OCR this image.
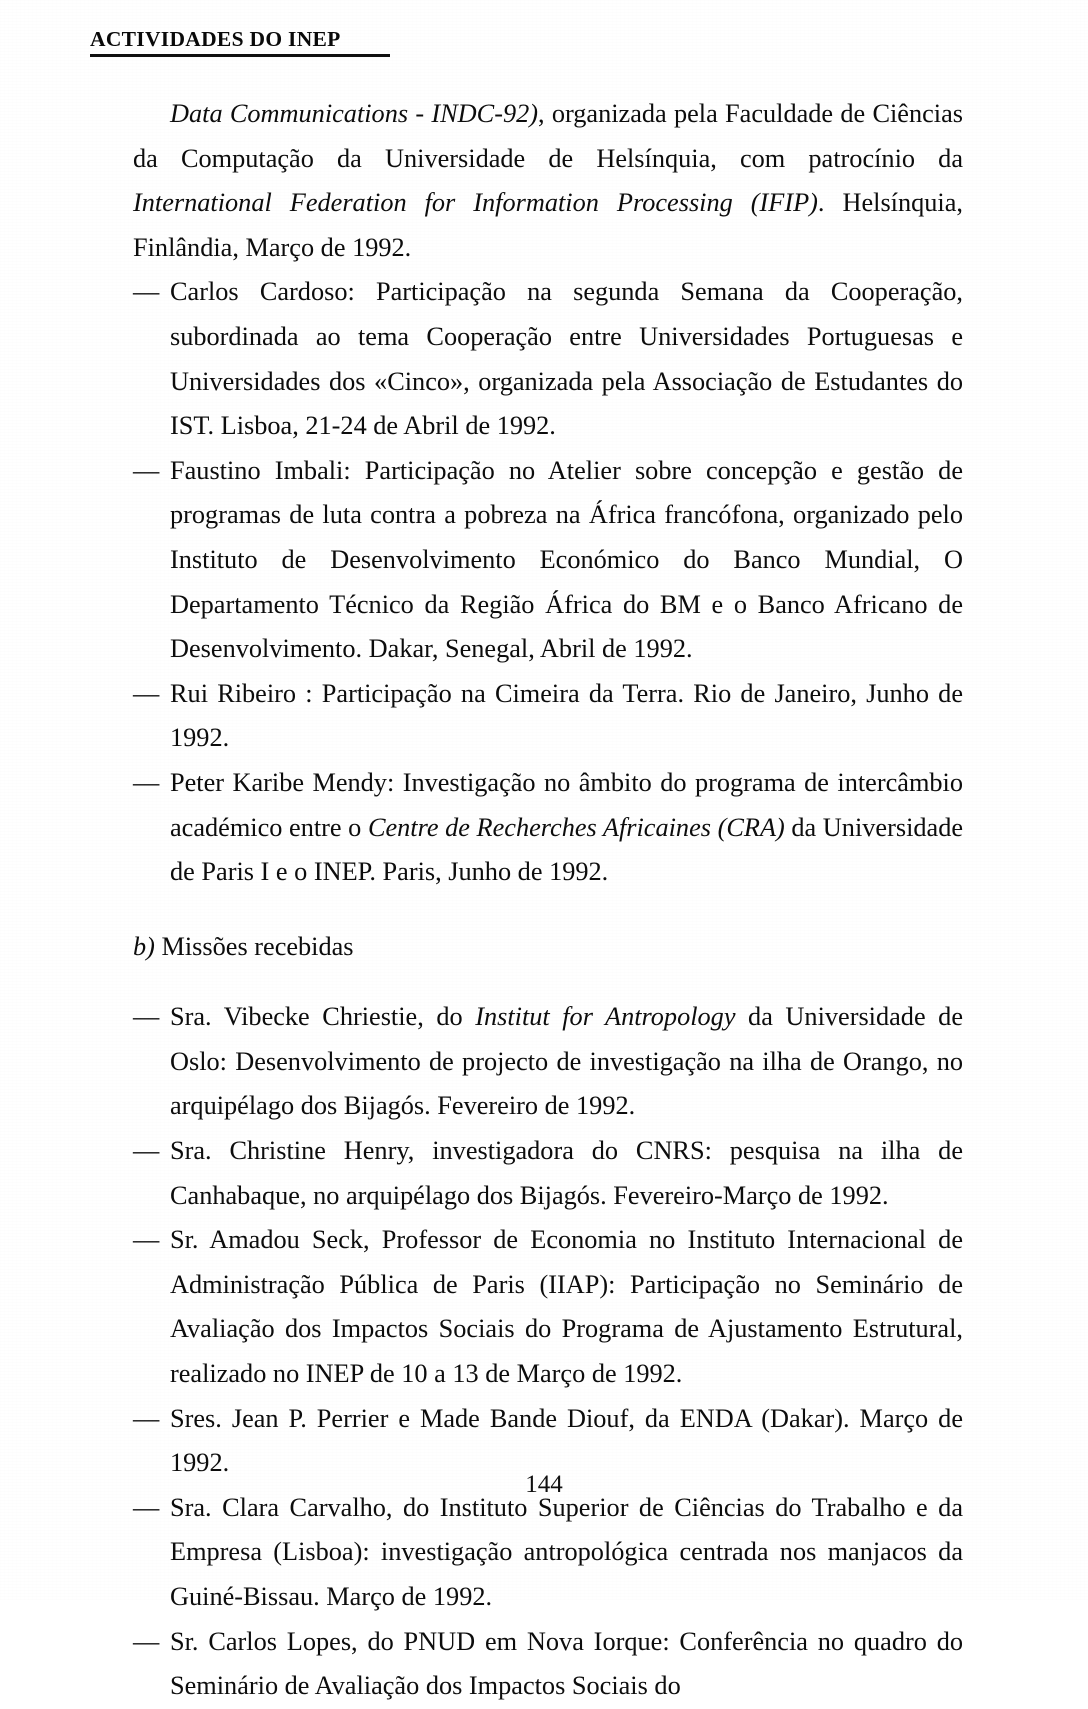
ACTIVIDADES DO INEP

Data Communications - INDC-92), organizada pela Faculdade de Ciências da Computação da Universidade de Helsínquia, com patrocínio da International Federation for Information Processing (IFIP). Helsínquia, Finlândia, Março de 1992.

— Carlos Cardoso: Participação na segunda Semana da Cooperação, subordinada ao tema Cooperação entre Universidades Portuguesas e Universidades dos «Cinco», organizada pela Associação de Estudantes do IST. Lisboa, 21-24 de Abril de 1992.

— Faustino Imbali: Participação no Atelier sobre concepção e gestão de programas de luta contra a pobreza na África francófona, organizado pelo Instituto de Desenvolvimento Económico do Banco Mundial, O Departamento Técnico da Região África do BM e o Banco Africano de Desenvolvimento. Dakar, Senegal, Abril de 1992.

— Rui Ribeiro : Participação na Cimeira da Terra. Rio de Janeiro, Junho de 1992.

— Peter Karibe Mendy: Investigação no âmbito do programa de intercâmbio académico entre o Centre de Recherches Africaines (CRA) da Universidade de Paris I e o INEP. Paris, Junho de 1992.

b) Missões recebidas

— Sra. Vibecke Chriestie, do Institut for Antropology da Universidade de Oslo: Desenvolvimento de projecto de investigação na ilha de Orango, no arquipélago dos Bijagós. Fevereiro de 1992.

— Sra. Christine Henry, investigadora do CNRS: pesquisa na ilha de Canhabaque, no arquipélago dos Bijagós. Fevereiro-Março de 1992.

— Sr. Amadou Seck, Professor de Economia no Instituto Internacional de Administração Pública de Paris (IIAP): Participação no Seminário de Avaliação dos Impactos Sociais do Programa de Ajustamento Estrutural, realizado no INEP de 10 a 13 de Março de 1992.

— Sres. Jean P. Perrier e Made Bande Diouf, da ENDA (Dakar). Março de 1992.

— Sra. Clara Carvalho, do Instituto Superior de Ciências do Trabalho e da Empresa (Lisboa): investigação antropológica centrada nos manjacos da Guiné-Bissau. Março de 1992.

— Sr. Carlos Lopes, do PNUD em Nova Iorque: Conferência no quadro do Seminário de Avaliação dos Impactos Sociais do

144
